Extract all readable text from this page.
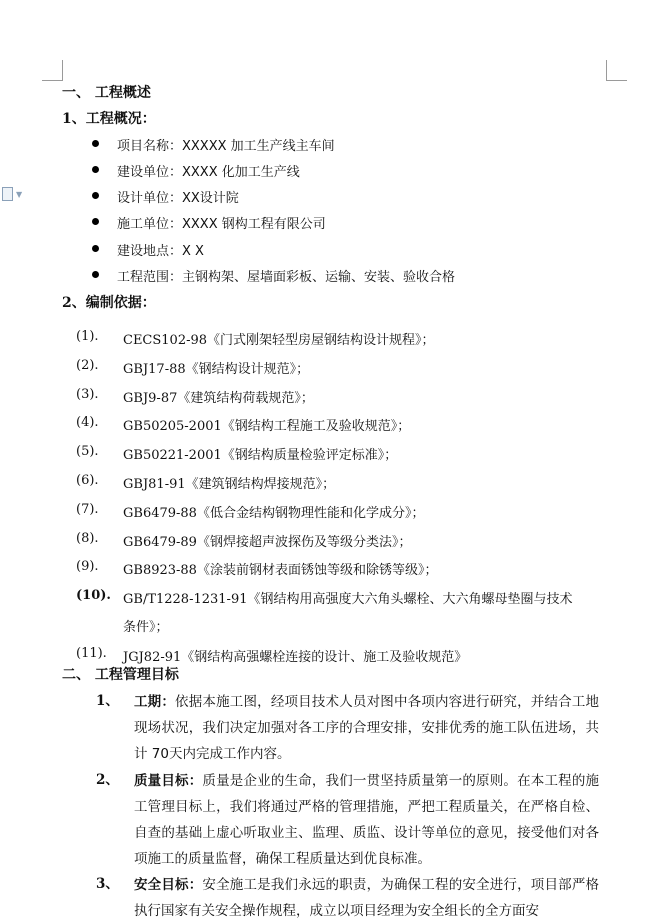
▼
一、 工程概述
1、工程概况：
项目名称：XXXXX 加工生产线主车间
建设单位：XXXX 化加工生产线
设计单位：XX设计院
施工单位：XXXX 钢构工程有限公司
建设地点：X X
工程范围：主钢构架、屋墙面彩板、运输、安装、验收合格
2、编制依据：
(1). CECS102-98《门式刚架轻型房屋钢结构设计规程》；
(2). GBJ17-88《钢结构设计规范》；
(3). GBJ9-87《建筑结构荷载规范》；
(4). GB50205-2001《钢结构工程施工及验收规范》；
(5). GB50221-2001《钢结构质量检验评定标准》；
(6). GBJ81-91《建筑钢结构焊接规范》；
(7). GB6479-88《低合金结构钢物理性能和化学成分》；
(8). GB6479-89《钢焊接超声波探伤及等级分类法》；
(9). GB8923-88《涂装前钢材表面锈蚀等级和除锈等级》；
(10). GB/T1228-1231-91《钢结构用高强度大六角头螺栓、大六角螺母垫圈与技术
条件》；
(11). JGJ82-91《钢结构高强螺栓连接的设计、施工及验收规范》
二、 工程管理目标
1、 工期：依据本施工图，经项目技术人员对图中各项内容进行研究，并结合工地现场状况，我们决定加强对各工序的合理安排，安排优秀的施工队伍进场，共计 70天内完成工作内容。
2、 质量目标：质量是企业的生命，我们一贯坚持质量第一的原则。在本工程的施工管理目标上，我们将通过严格的管理措施，严把工程质量关，在严格自检、自查的基础上虚心听取业主、监理、质监、设计等单位的意见，接受他们对各项施工的质量监督，确保工程质量达到优良标准。
3、 安全目标：安全施工是我们永远的职责，为确保工程的安全进行，项目部严格执行国家有关安全操作规程，成立以项目经理为安全组长的全方面安
